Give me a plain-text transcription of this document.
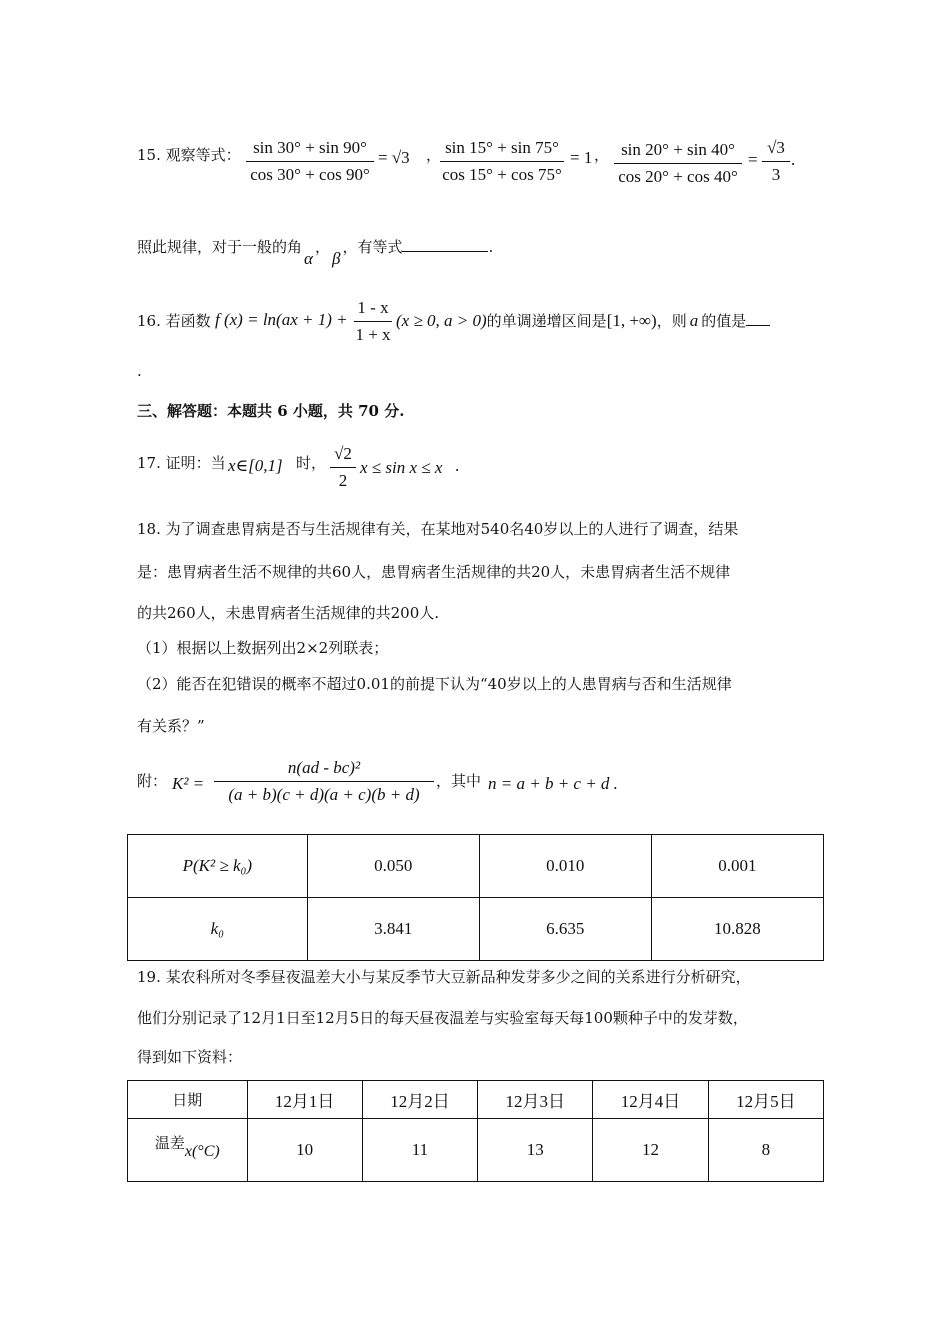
15. 观察等式： sin 30° + sin 90°
cos 30° + cos 90°
= √3 ， sin 15° + sin 75°
cos 15° + cos 75°
= 1 ， sin 20° + sin 40°
cos 20° + cos 40°
=
√3
3
.
照此规律，对于一般的角α，β，有等式	.
16. 若函数 f (x) = ln(ax + 1) +
1 - x
1 + x
(x ≥ 0, a > 0)的单调递增区间是[1, +∞)，则 a 的值是
.
三、解答题：本题共 6 小题，共 70 分.
17. 证明：当 x∈[0,1] 时， √2
2
x ≤ sin x ≤ x .
18. 为了调查患胃病是否与生活规律有关，在某地对540名40岁以上的人进行了调查，结果
是：患胃病者生活不规律的共60人，患胃病者生活规律的共20人，未患胃病者生活不规律
的共260人，未患胃病者生活规律的共200人.
（1）根据以上数据列出2×2列联表；
（2）能否在犯错误的概率不超过0.01的前提下认为“40岁以上的人患胃病与否和生活规律
有关系？”
附： K² =
n(ad - bc)²
(a + b)(c + d)(a + c)(b + d)
，其中 n = a + b + c + d .
P(K² ≥ k₀)	0.050	0.010	0.001
k₀	3.841	6.635	10.828
19. 某农科所对冬季昼夜温差大小与某反季节大豆新品种发芽多少之间的关系进行分析研究，
他们分别记录了12月1日至12月5日的每天昼夜温差与实验室每天每100颗种子中的发芽数，
得到如下资料：
日期	12月1日	12月2日	12月3日	12月4日	12月5日
温差x(°C)	10	11	13	12	8
